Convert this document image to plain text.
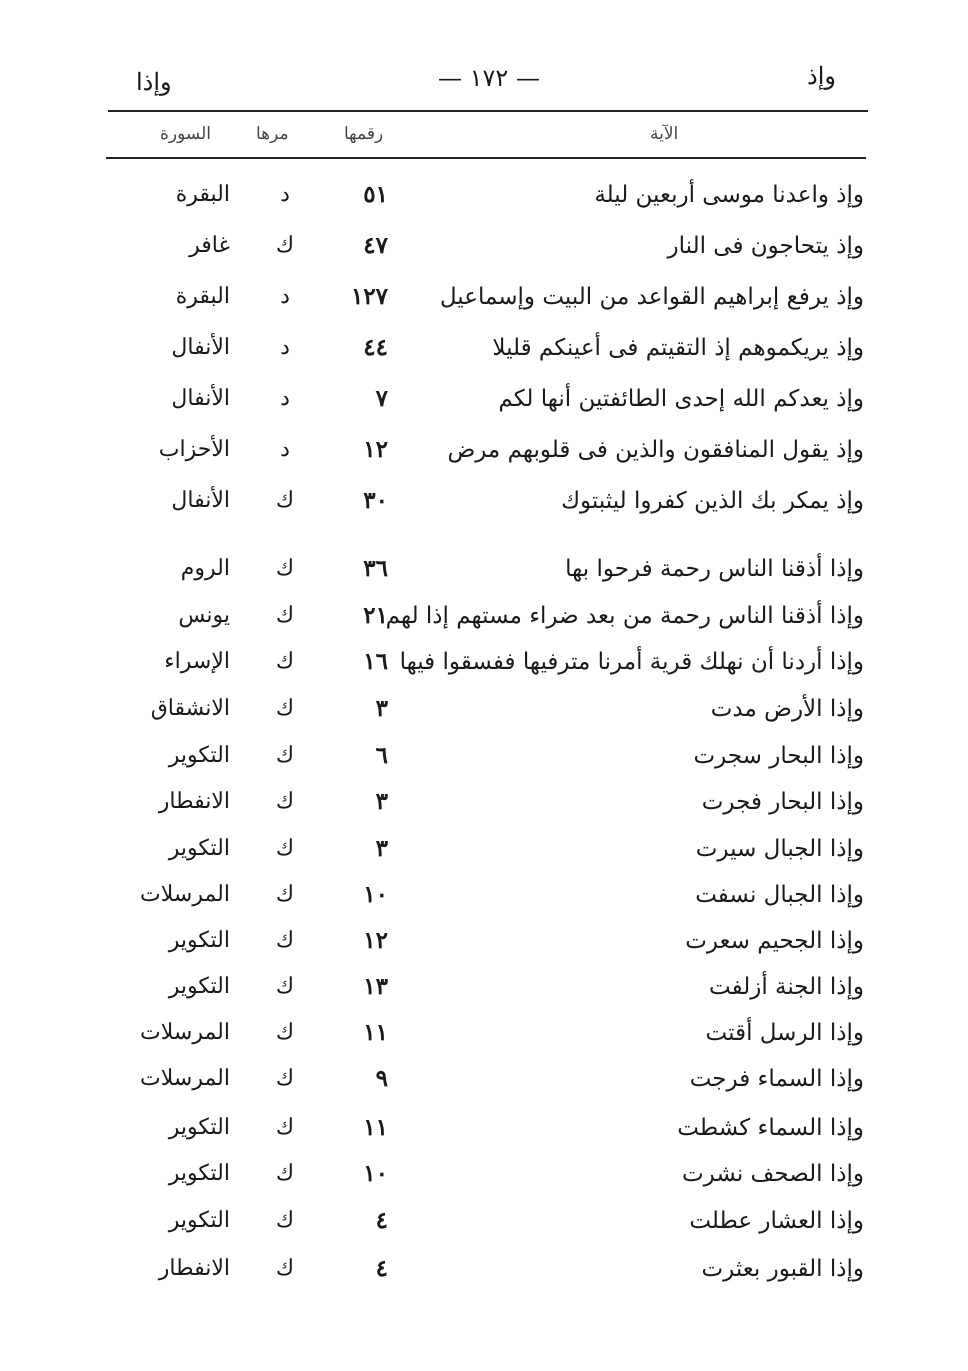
وإذ
— ١٧٢ —
وإذا
الآية
رقمها
مرها
السورة
وإذ واعدنا موسى أربعين ليلة
٥١
د
البقرة
وإذ يتحاجون فى النار
٤٧
ك
غافر
وإذ يرفع إبراهيم القواعد من البيت وإسماعيل
١٢٧
د
البقرة
وإذ يريكموهم إذ التقيتم فى أعينكم قليلا
٤٤
د
الأنفال
وإذ يعدكم الله إحدى الطائفتين أنها لكم
٧
د
الأنفال
وإذ يقول المنافقون والذين فى قلوبهم مرض
١٢
د
الأحزاب
وإذ يمكر بك الذين كفروا ليثبتوك
٣٠
ك
الأنفال
وإذا أذقنا الناس رحمة فرحوا بها
٣٦
ك
الروم
وإذا أذقنا الناس رحمة من بعد ضراء مستهم إذا لهم
٢١
ك
يونس
وإذا أردنا أن نهلك قرية أمرنا مترفيها ففسقوا فيها
١٦
ك
الإسراء
وإذا الأرض مدت
٣
ك
الانشقاق
وإذا البحار سجرت
٦
ك
التكوير
وإذا البحار فجرت
٣
ك
الانفطار
وإذا الجبال سيرت
٣
ك
التكوير
وإذا الجبال نسفت
١٠
ك
المرسلات
وإذا الجحيم سعرت
١٢
ك
التكوير
وإذا الجنة أزلفت
١٣
ك
التكوير
وإذا الرسل أقتت
١١
ك
المرسلات
وإذا السماء فرجت
٩
ك
المرسلات
وإذا السماء كشطت
١١
ك
التكوير
وإذا الصحف نشرت
١٠
ك
التكوير
وإذا العشار عطلت
٤
ك
التكوير
وإذا القبور بعثرت
٤
ك
الانفطار
